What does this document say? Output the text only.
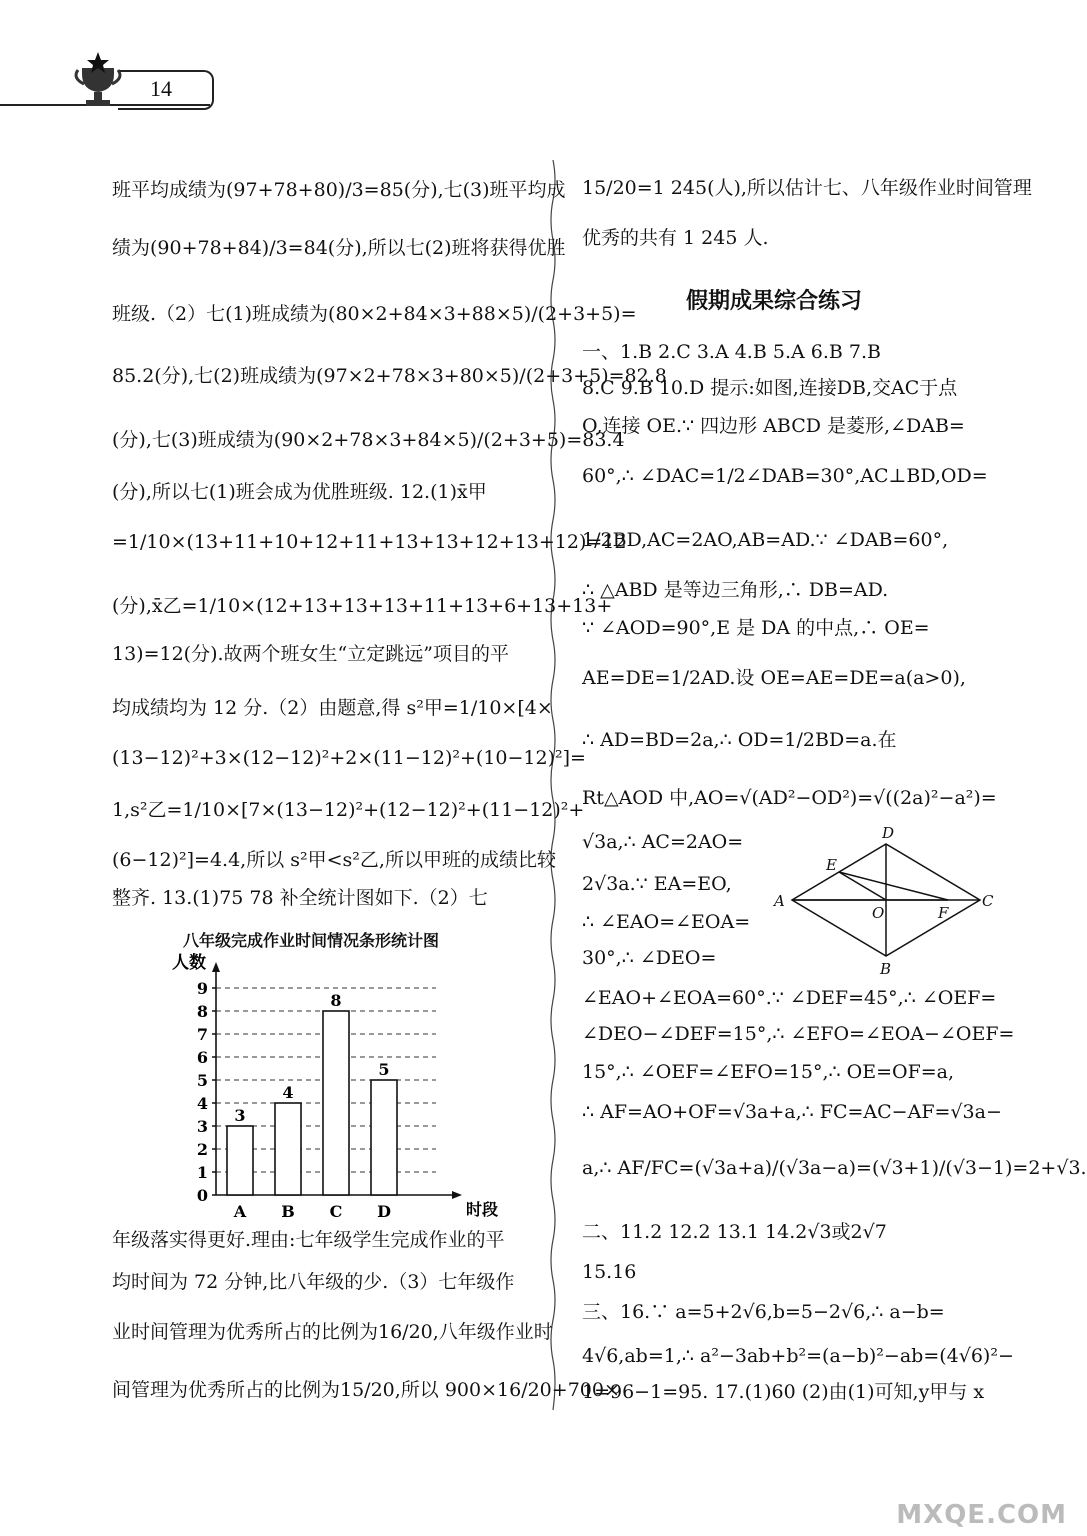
14
班平均成绩为(97+78+80)/3=85(分),七(3)班平均成
绩为(90+78+84)/3=84(分),所以七(2)班将获得优胜
班级.（2）七(1)班成绩为(80×2+84×3+88×5)/(2+3+5)=
85.2(分),七(2)班成绩为(97×2+78×3+80×5)/(2+3+5)=82.8
(分),七(3)班成绩为(90×2+78×3+84×5)/(2+3+5)=83.4
(分),所以七(1)班会成为优胜班级. 12.(1)x̄甲
=1/10×(13+11+10+12+11+13+13+12+13+12)=12
(分),x̄乙=1/10×(12+13+13+13+11+13+6+13+13+
13)=12(分).故两个班女生“立定跳远”项目的平
均成绩均为 12 分.（2）由题意,得 s²甲=1/10×[4×
(13−12)²+3×(12−12)²+2×(11−12)²+(10−12)²]=
1,s²乙=1/10×[7×(13−12)²+(12−12)²+(11−12)²+
(6−12)²]=4.4,所以 s²甲<s²乙,所以甲班的成绩比较
整齐. 13.(1)75 78 补全统计图如下.（2）七
八年级完成作业时间情况条形统计图
0
1
2
3
4
5
6
7
8
9
人数
时段
3
A
4
B
8
C
5
D
年级落实得更好.理由:七年级学生完成作业的平
均时间为 72 分钟,比八年级的少.（3）七年级作
业时间管理为优秀所占的比例为16/20,八年级作业时
间管理为优秀所占的比例为15/20,所以 900×16/20+700×
15/20=1 245(人),所以估计七、八年级作业时间管理
优秀的共有 1 245 人.
假期成果综合练习
一、1.B 2.C 3.A 4.B 5.A 6.B 7.B
8.C 9.B 10.D 提示:如图,连接DB,交AC于点
O,连接 OE.∵ 四边形 ABCD 是菱形,∠DAB=
60°,∴ ∠DAC=1/2∠DAB=30°,AC⊥BD,OD=
1/2BD,AC=2AO,AB=AD.∵ ∠DAB=60°,
∴ △ABD 是等边三角形,∴ DB=AD.
∵ ∠AOD=90°,E 是 DA 的中点,∴ OE=
AE=DE=1/2AD.设 OE=AE=DE=a(a>0),
∴ AD=BD=2a,∴ OD=1/2BD=a.在
Rt△AOD 中,AO=√(AD²−OD²)=√((2a)²−a²)=
√3a,∴ AC=2AO=
2√3a.∵ EA=EO,
∴ ∠EAO=∠EOA=
30°,∴ ∠DEO=
A
D
C
B
E
O	F
∠EAO+∠EOA=60°.∵ ∠DEF=45°,∴ ∠OEF=
∠DEO−∠DEF=15°,∴ ∠EFO=∠EOA−∠OEF=
15°,∴ ∠OEF=∠EFO=15°,∴ OE=OF=a,
∴ AF=AO+OF=√3a+a,∴ FC=AC−AF=√3a−
a,∴ AF/FC=(√3a+a)/(√3a−a)=(√3+1)/(√3−1)=2+√3.
二、11.2 12.2 13.1 14.2√3或2√7
15.16
三、16.∵ a=5+2√6,b=5−2√6,∴ a−b=
4√6,ab=1,∴ a²−3ab+b²=(a−b)²−ab=(4√6)²−
1=96−1=95. 17.(1)60 (2)由(1)可知,y甲与 x
MXQE.COM
